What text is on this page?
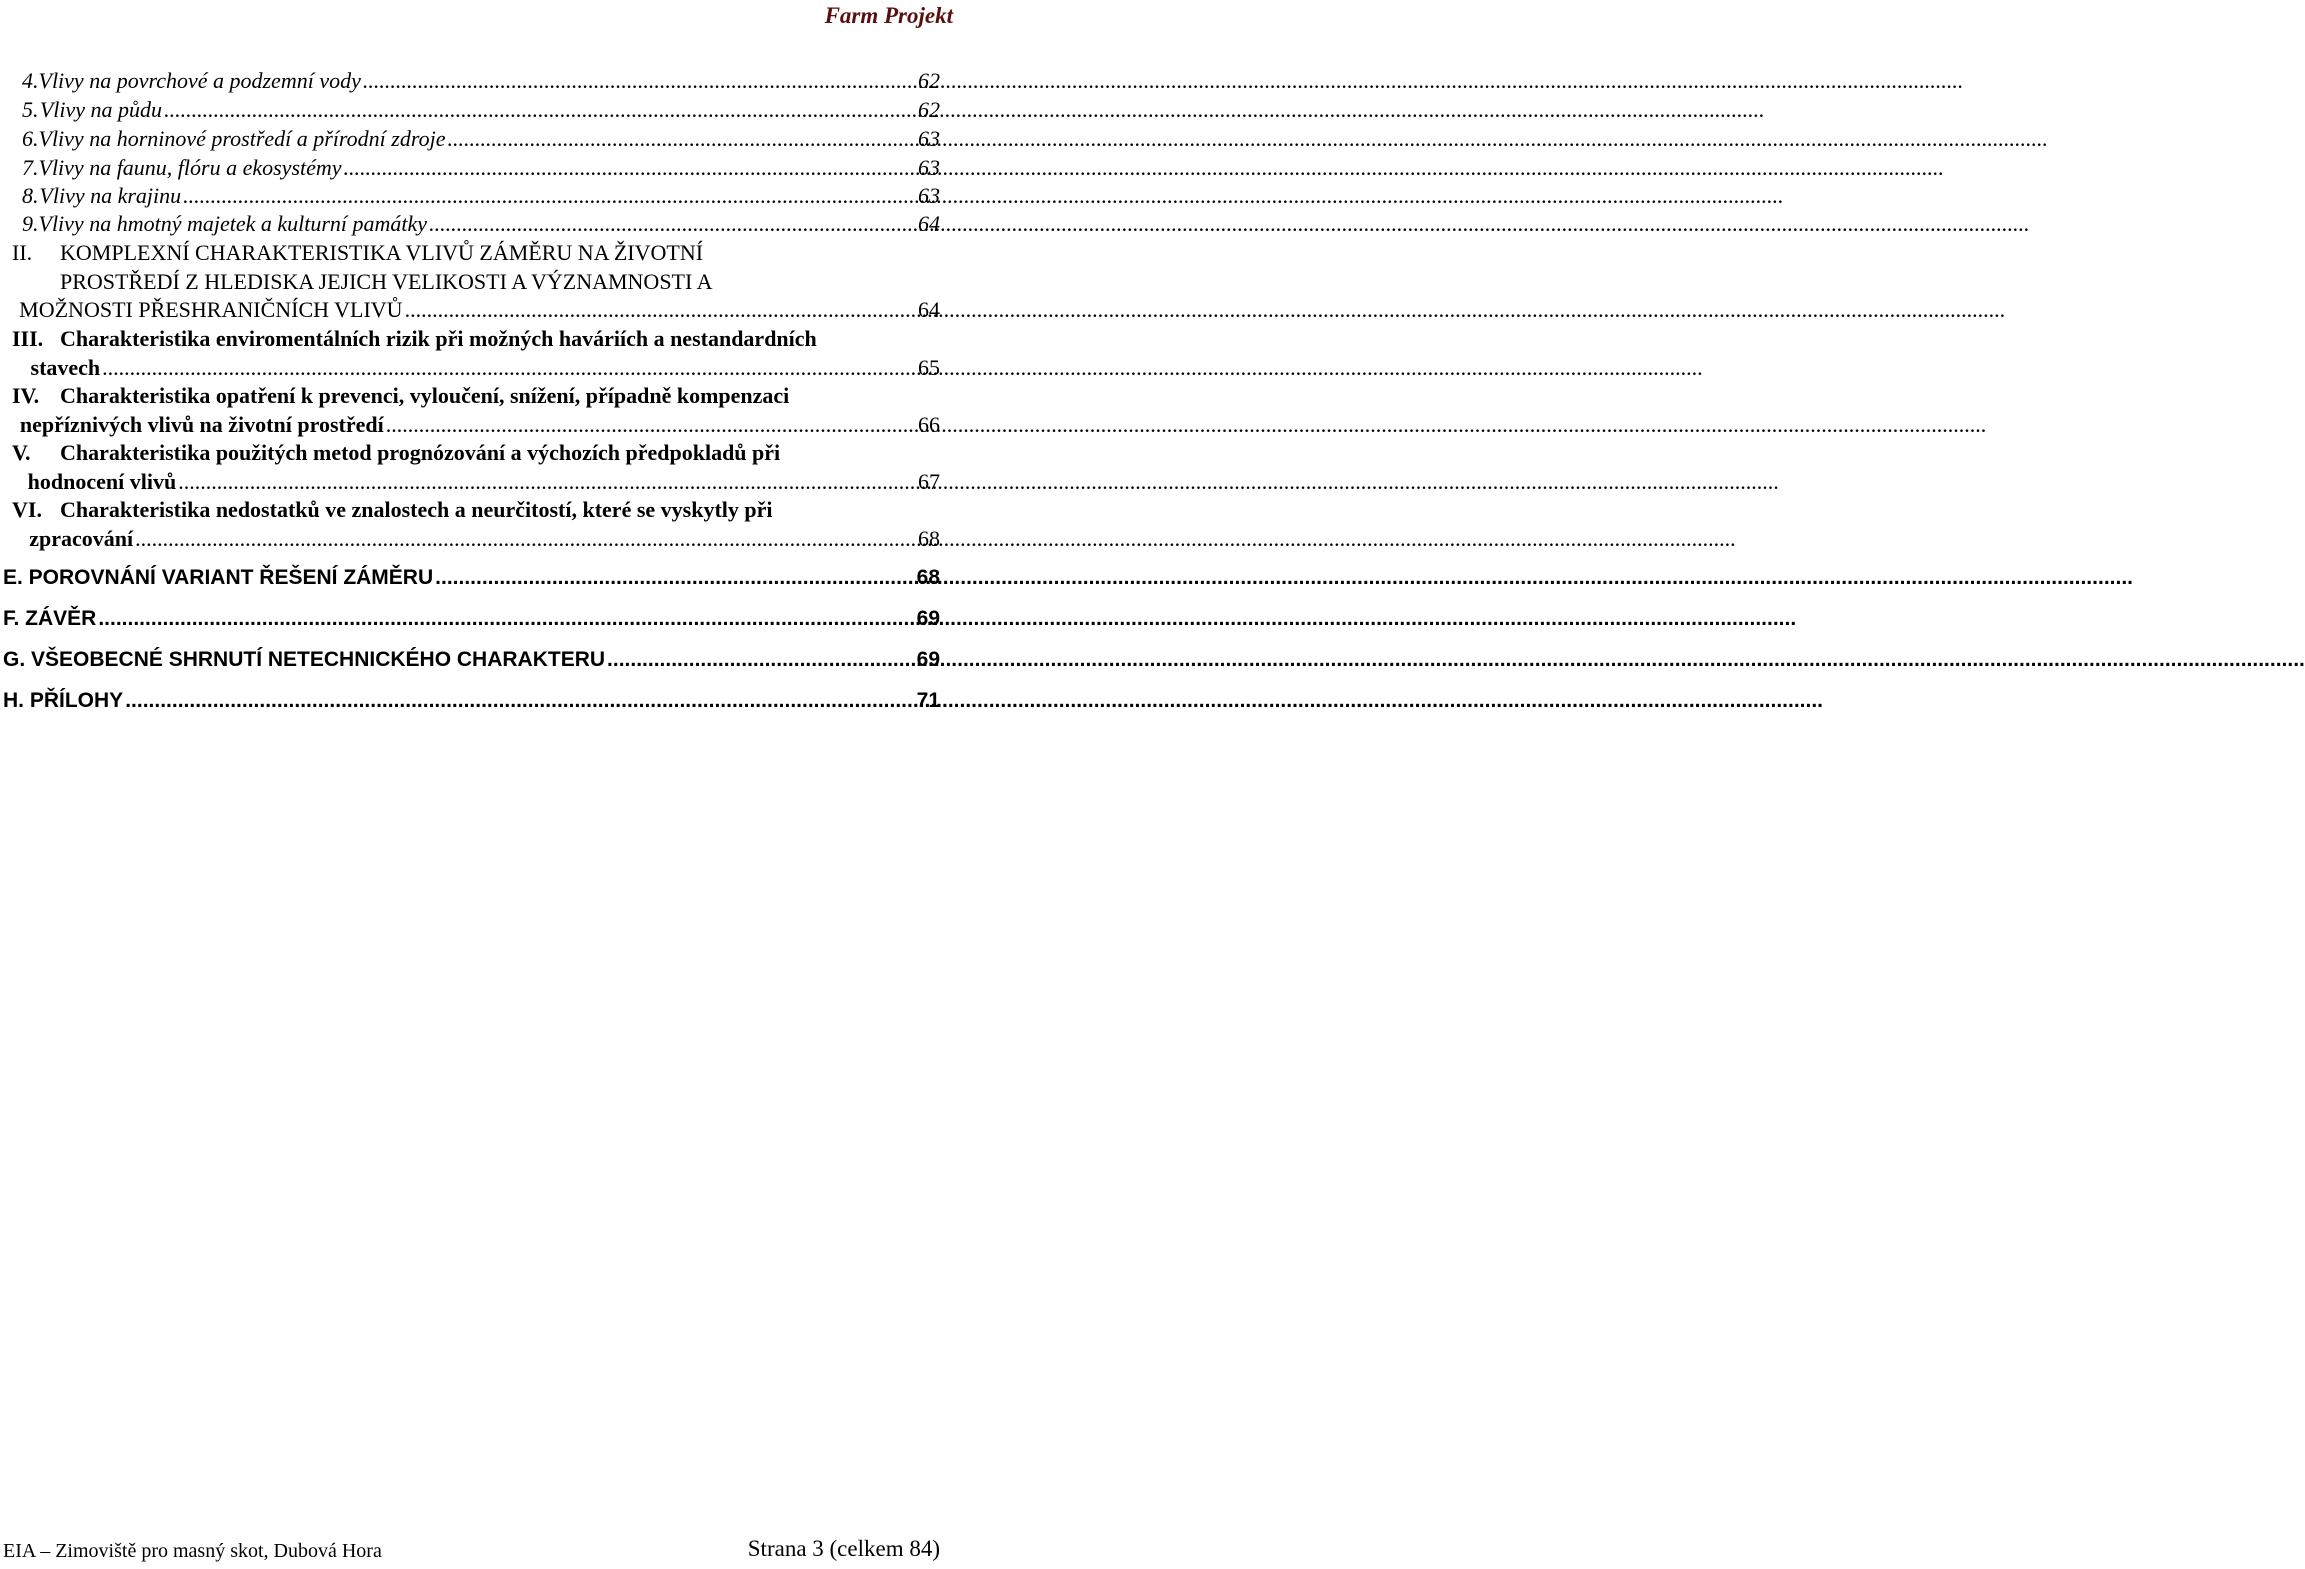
Farm Projekt
4. Vlivy na povrchové a podzemní vody .....	62
5. Vlivy na půdu .....	62
6. Vlivy na horninové prostředí a přírodní zdroje .....	63
7. Vlivy na faunu, flóru a ekosystémy .....	63
8. Vlivy na krajinu .....	63
9. Vlivy na hmotný majetek a kulturní památky .....	64
II.	KOMPLEXNÍ CHARAKTERISTIKA VLIVŮ ZÁMĚRU NA ŽIVOTNÍ
PROSTŘEDÍ Z HLEDISKA JEJICH VELIKOSTI A VÝZNAMNOSTI A
MOŽNOSTI PŘESHRANIČNÍCH VLIVŮ .....	64
III. Charakteristika enviromentálních rizik při možných haváriích a nestandardních
stavech .....	65
IV. Charakteristika opatření k prevenci, vyloučení, snížení, případně kompenzaci
nepříznivých vlivů na životní prostředí .....	66
V.	Charakteristika použitých metod prognózování a výchozích předpokladů při
hodnocení vlivů .....	67
VI. Charakteristika nedostatků ve znalostech a neurčitostí, které se vyskytly při
zpracování .....	68
E. POROVNÁNÍ VARIANT ŘEŠENÍ ZÁMĚRU .....	68
F. ZÁVĚR .....	69
G. VŠEOBECNÉ SHRNUTÍ NETECHNICKÉHO CHARAKTERU .....	69
H. PŘÍLOHY .....	71
EIA – Zimoviště pro masný skot, Dubová Hora	Strana 3 (celkem 84)
